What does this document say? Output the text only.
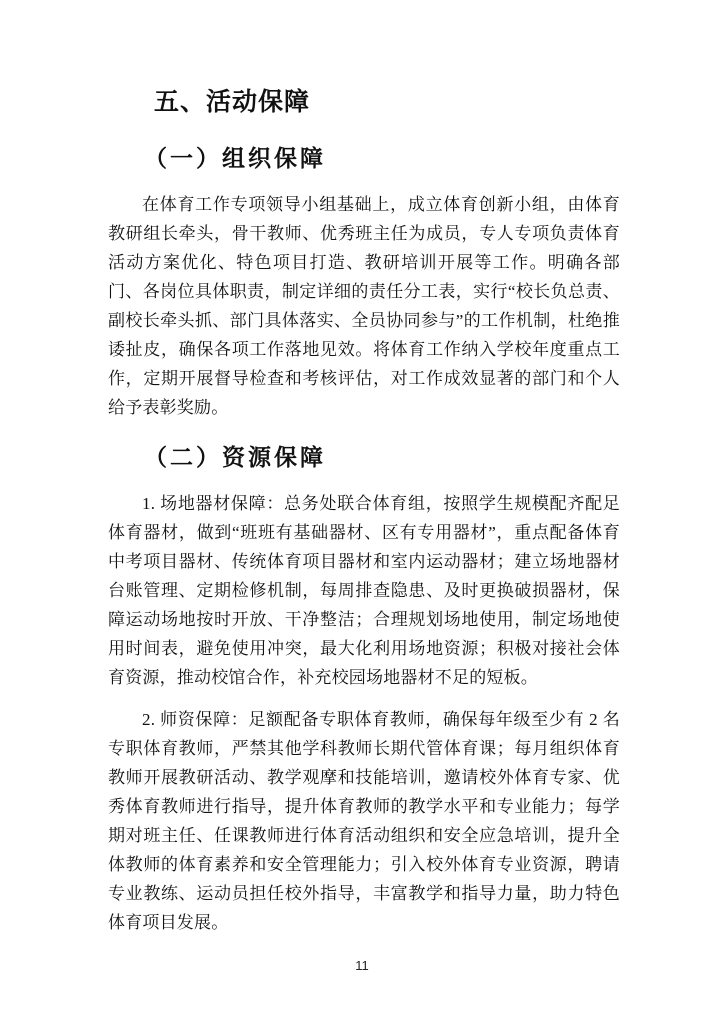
五、活动保障
（一）组织保障

在体育工作专项领导小组基础上，成立体育创新小组，由体育教研组长牵头，骨干教师、优秀班主任为成员，专人专项负责体育活动方案优化、特色项目打造、教研培训开展等工作。明确各部门、各岗位具体职责，制定详细的责任分工表，实行“校长负总责、副校长牵头抓、部门具体落实、全员协同参与”的工作机制，杜绝推诿扯皮，确保各项工作落地见效。将体育工作纳入学校年度重点工作，定期开展督导检查和考核评估，对工作成效显著的部门和个人给予表彰奖励。

（二）资源保障

1. 场地器材保障：总务处联合体育组，按照学生规模配齐配足体育器材，做到“班班有基础器材、区有专用器材”，重点配备体育中考项目器材、传统体育项目器材和室内运动器材；建立场地器材台账管理、定期检修机制，每周排查隐患、及时更换破损器材，保障运动场地按时开放、干净整洁；合理规划场地使用，制定场地使用时间表，避免使用冲突，最大化利用场地资源；积极对接社会体育资源，推动校馆合作，补充校园场地器材不足的短板。

2. 师资保障：足额配备专职体育教师，确保每年级至少有 2 名专职体育教师，严禁其他学科教师长期代管体育课；每月组织体育教师开展教研活动、教学观摩和技能培训，邀请校外体育专家、优秀体育教师进行指导，提升体育教师的教学水平和专业能力；每学期对班主任、任课教师进行体育活动组织和安全应急培训，提升全体教师的体育素养和安全管理能力；引入校外体育专业资源，聘请专业教练、运动员担任校外指导，丰富教学和指导力量，助力特色体育项目发展。

11
